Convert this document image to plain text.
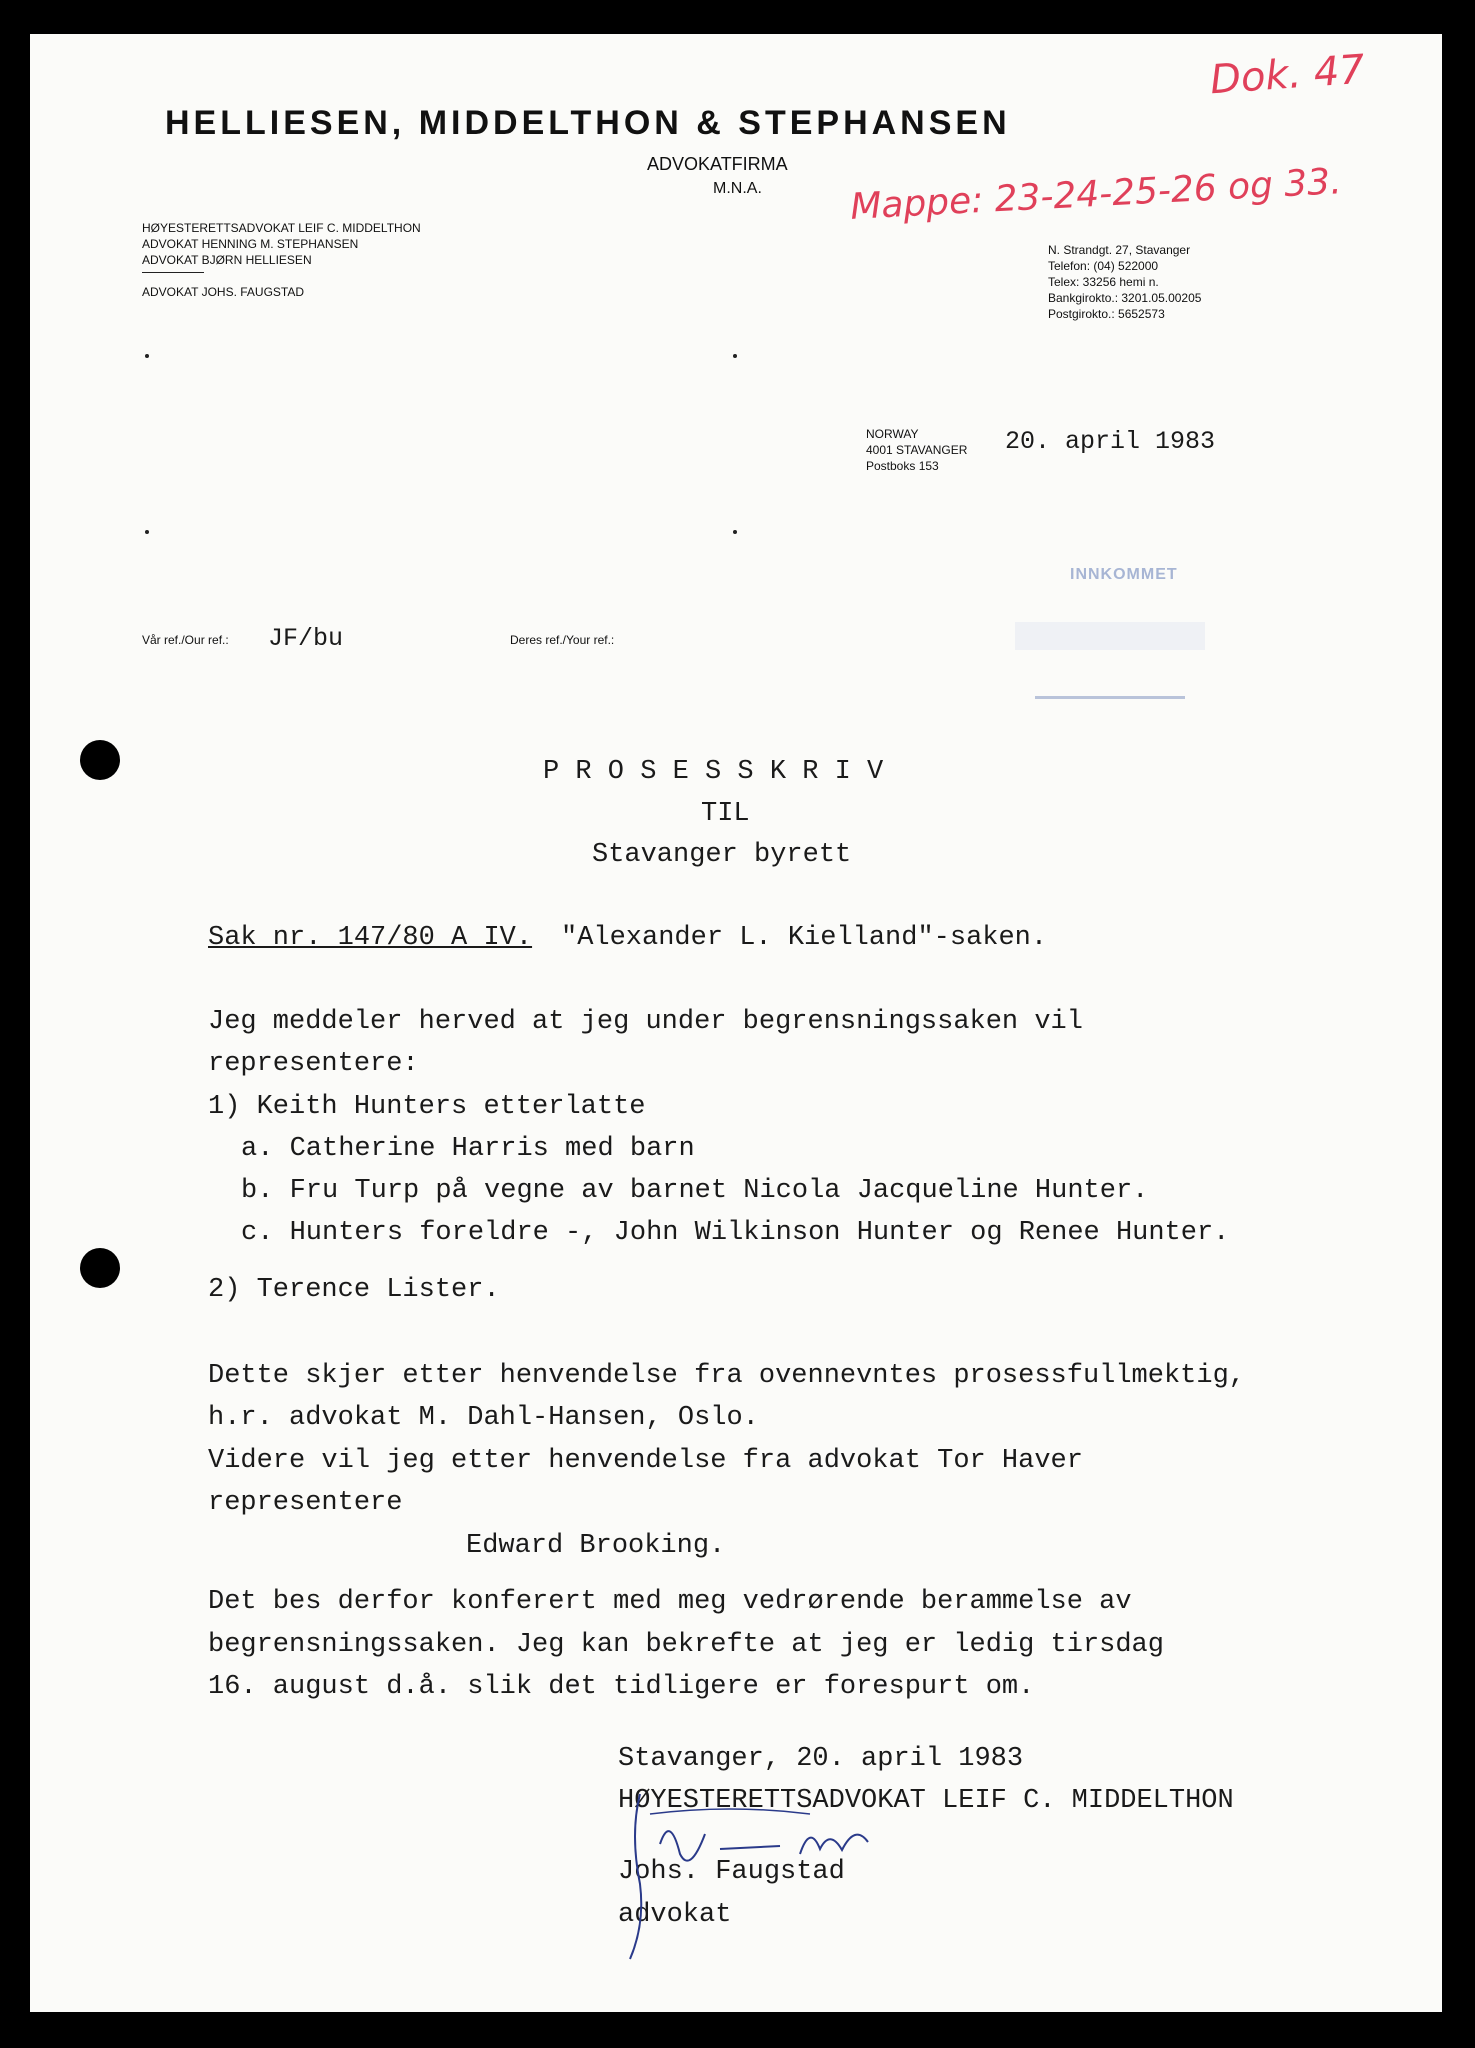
Dok. 47
Mappe: 23-24-25-26 og 33.
HELLIESEN, MIDDELTHON & STEPHANSEN
ADVOKATFIRMA
M.N.A.
HØYESTERETTSADVOKAT LEIF C. MIDDELTHON
ADVOKAT HENNING M. STEPHANSEN
ADVOKAT BJØRN HELLIESEN
ADVOKAT JOHS. FAUGSTAD
N. Strandgt. 27, Stavanger
Telefon: (04) 522000
Telex: 33256 hemi n.
Bankgirokto.: 3201.05.00205
Postgirokto.: 5652573
NORWAY
4001 STAVANGER
Postboks 153
20. april 1983
INNKOMMET
Vår ref./Our ref.: JF/bu	Deres ref./Your ref.:
P R O S E S S K R I V
TIL
Stavanger byrett
Sak nr. 147/80 A IV. "Alexander L. Kielland"-saken.
Jeg meddeler herved at jeg under begrensningssaken vil
representere:
1) Keith Hunters etterlatte
a. Catherine Harris med barn
b. Fru Turp på vegne av barnet Nicola Jacqueline Hunter.
c. Hunters foreldre -, John Wilkinson Hunter og Renee Hunter.
2) Terence Lister.
Dette skjer etter henvendelse fra ovennevntes prosessfullmektig,
h.r. advokat M. Dahl-Hansen, Oslo.
Videre vil jeg etter henvendelse fra advokat Tor Haver
representere
Edward Brooking.
Det bes derfor konferert med meg vedrørende berammelse av
begrensningssaken. Jeg kan bekrefte at jeg er ledig tirsdag
16. august d.å. slik det tidligere er forespurt om.
Stavanger, 20. april 1983
HØYESTERETTSADVOKAT LEIF C. MIDDELTHON
Johs. Faugstad
advokat
